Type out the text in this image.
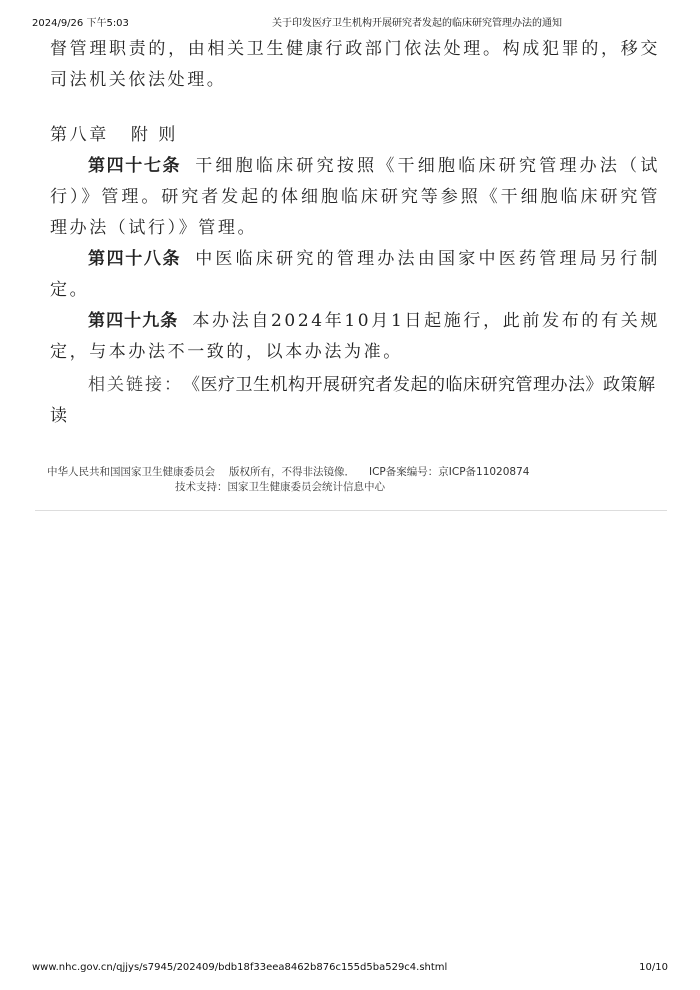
2024/9/26 下午5:03	关于印发医疗卫生机构开展研究者发起的临床研究管理办法的通知

督管理职责的，由相关卫生健康行政部门依法处理。构成犯罪的，移交司法机关依法处理。

第八章 附 则

第四十七条 干细胞临床研究按照《干细胞临床研究管理办法（试行）》管理。研究者发起的体细胞临床研究等参照《干细胞临床研究管理办法（试行）》管理。

第四十八条 中医临床研究的管理办法由国家中医药管理局另行制定。

第四十九条 本办法自2024年10月1日起施行，此前发布的有关规定，与本办法不一致的，以本办法为准。

相关链接：《医疗卫生机构开展研究者发起的临床研究管理办法》政策解读
中华人民共和国国家卫生健康委员会 版权所有，不得非法镜像． ICP备案编号：京ICP备11020874
技术支持：国家卫生健康委员会统计信息中心
www.nhc.gov.cn/qjjys/s7945/202409/bdb18f33eea8462b876c155d5ba529c4.shtml	10/10
